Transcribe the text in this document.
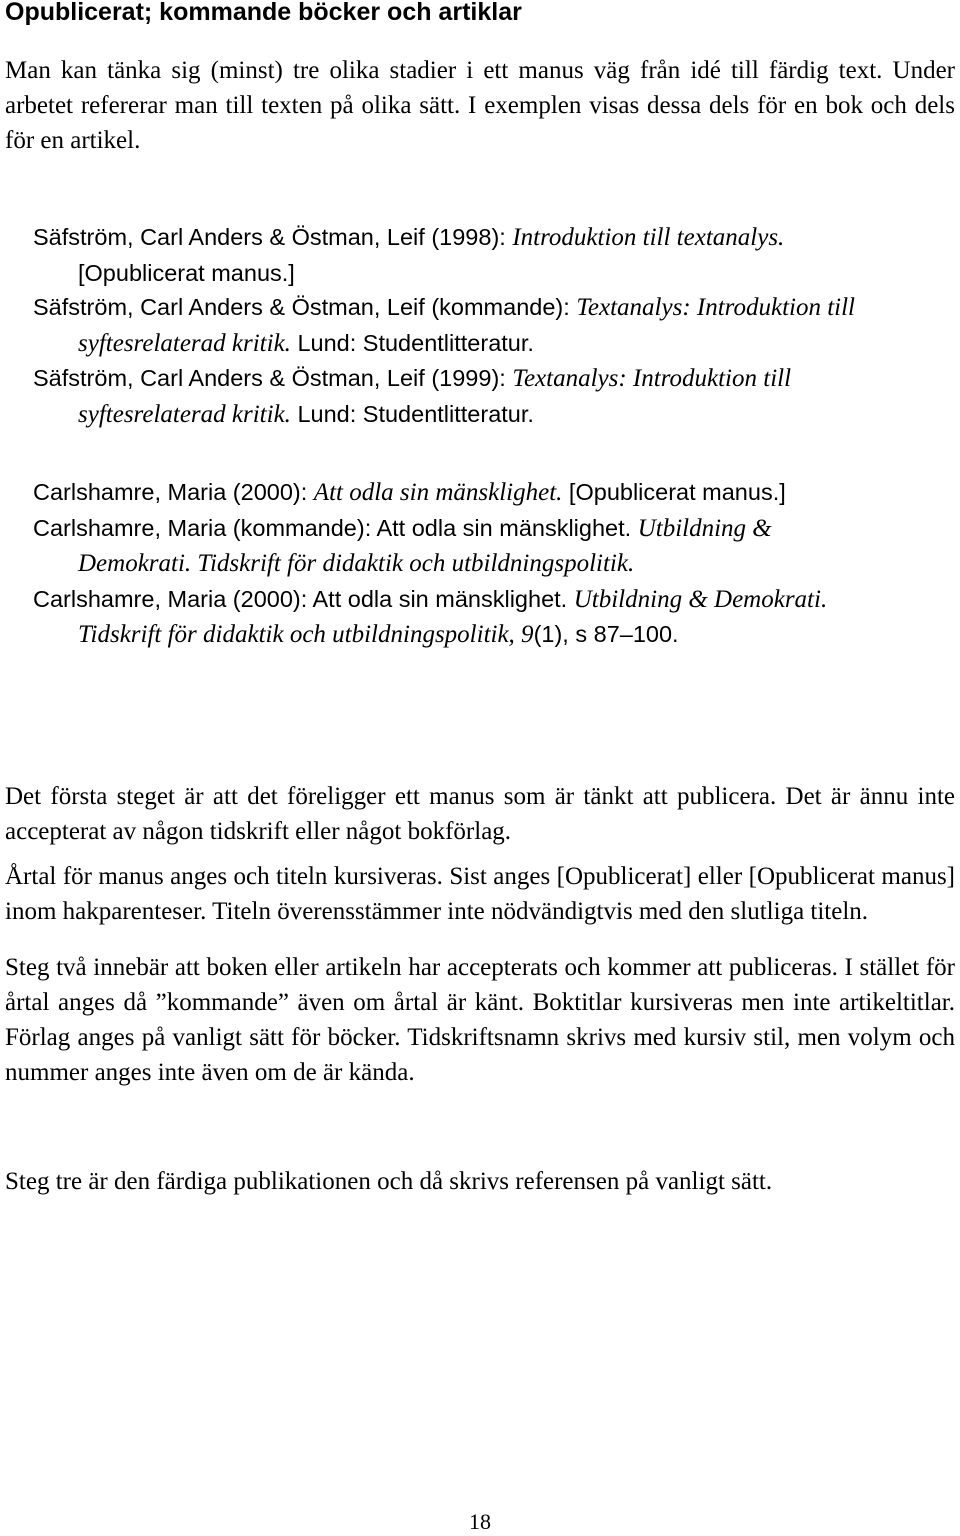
Opublicerat; kommande böcker och artiklar

Man kan tänka sig (minst) tre olika stadier i ett manus väg från idé till färdig text. Under arbetet refererar man till texten på olika sätt. I exemplen visas dessa dels för en bok och dels för en artikel.

Säfström, Carl Anders & Östman, Leif (1998): Introduktion till textanalys. [Opublicerat manus.]
Säfström, Carl Anders & Östman, Leif (kommande): Textanalys: Introduktion till syftesrelaterad kritik. Lund: Studentlitteratur.
Säfström, Carl Anders & Östman, Leif (1999): Textanalys: Introduktion till syftesrelaterad kritik. Lund: Studentlitteratur.
Carlshamre, Maria (2000): Att odla sin mänsklighet. [Opublicerat manus.]
Carlshamre, Maria (kommande): Att odla sin mänsklighet. Utbildning & Demokrati. Tidskrift för didaktik och utbildningspolitik.
Carlshamre, Maria (2000): Att odla sin mänsklighet. Utbildning & Demokrati. Tidskrift för didaktik och utbildningspolitik, 9(1), s 87–100.

Det första steget är att det föreligger ett manus som är tänkt att publicera. Det är ännu inte accepterat av någon tidskrift eller något bokförlag.

Årtal för manus anges och titeln kursiveras. Sist anges [Opublicerat] eller [Opublicerat manus] inom hakparenteser. Titeln överensstämmer inte nödvändigtvis med den slutliga titeln.

Steg två innebär att boken eller artikeln har accepterats och kommer att publiceras. I stället för årtal anges då ”kommande” även om årtal är känt. Boktitlar kursiveras men inte artikeltitlar. Förlag anges på vanligt sätt för böcker. Tidskriftsnamn skrivs med kursiv stil, men volym och nummer anges inte även om de är kända.

Steg tre är den färdiga publikationen och då skrivs referensen på vanligt sätt.

18
